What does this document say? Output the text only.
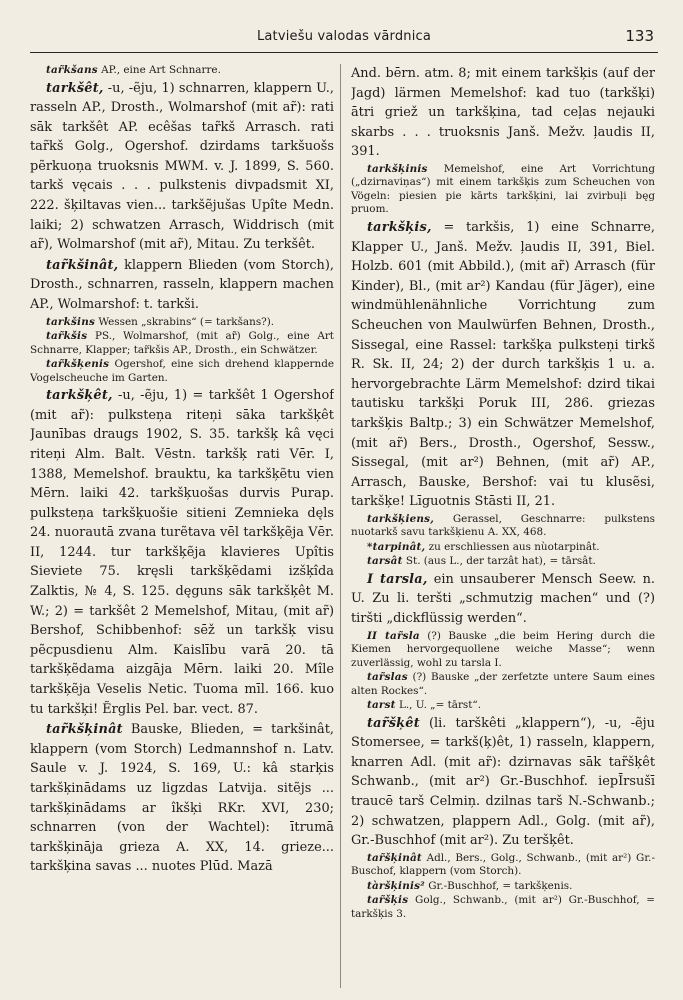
Latviešu valodas vārdnica	133

tar̃kšans AP., eine Art Schnarre.

tarkšêt, -u, -ẽju, 1) schnarren, klappern U., rasseln AP., Drosth., Wolmarshof (mit ar̃): rati sāk tarkšêt AP. ecêšas tar̃kš Arrasch. rati tar̃kš Golg., Ogershof. dzirdams tarkšuošs pẽrkuoņa truoksnis MWM. v. J. 1899, S. 560. tarkš vęcais . . . pulkstenis divpadsmit XI, 222. šķiltavas vien... tarkšẽjušas Upîte Medn. laiki; 2) schwatzen Arrasch, Widdrisch (mit ar̃), Wolmarshof (mit ar̃), Mitau. Zu terkšêt.

tar̃kšinât, klappern Blieden (vom Storch), Drosth., schnarren, rasseln, klappern machen AP., Wolmarshof: t. tarkši.

tarkšins Wessen „skrabins“ (= tarkšans?).

tar̃kšis PS., Wolmarshof, (mit ar̃) Golg., eine Art Schnarre, Klapper; tar̃kšis AP., Drosth., ein Schwätzer.

tar̃kšķenis Ogershof, eine sich drehend klappernde Vogelscheuche im Garten.

tarkšķêt, -u, -ẽju, 1) = tarkšêt 1 Ogershof (mit ar̃): pulksteņa riteņi sāka tarkšķêt Jaunības draugs 1902, S. 35. tarkšķ kâ vęci riteņi Alm. Balt. Vēstn. tarkšķ rati Vēr. I, 1388, Memelshof. brauktu, ka tarkšķẽtu vien Mērn. laiki 42. tarkšķuošas durvis Purap. pulksteņa tarkšķuošie sitieni Zemnieka dęls 24. nuorautā zvana turẽtava vēl tarkšķẽja Vēr. II, 1244. tur tarkšķẽja klavieres Upîtis Sieviete 75. kręsli tarkšķẽdami izšķîda Zalktis, № 4, S. 125. dęguns sāk tarkšķêt M. W.; 2) = tarkšêt 2 Memelshof, Mitau, (mit ar̃) Bershof, Schibbenhof: sēž un tarkšķ visu pẽcpusdienu Alm. Kaislību varā 20. tā tarkšķẽdama aizgāja Mērn. laiki 20. Mîle tarkšķẽja Veselis Netic. Tuoma mīl. 166. kuo tu tarkšķi! Ẽrglis Pel. bar. vect. 87.

tar̃kšķinât Bauske, Blieden, = tarkšinât, klappern (vom Storch) Ledmannshof n. Latv. Saule v. J. 1924, S. 169, U.: kâ starķis tarkšķinādams uz ligzdas Latvija. sitẽjs ... tarkšķinādams ar îkšķi RKr. XVI, 230; schnarren (von der Wachtel): ītrumā tarkšķināja grieza A. XX, 14. grieze... tarkšķina savas ... nuotes Plūd. Mazā

And. bērn. atm. 8; mit einem tarkšķis (auf der Jagd) lärmen Memelshof: kad tuo (tarkšķi) ātri griež un tarkšķina, tad ceļas nejauki skarbs . . . truoksnis Janš. Mežv. ļaudis II, 391.

tarkšķinis Memelshof, eine Art Vorrichtung („dzirnaviņas“) mit einem tarkšķis zum Scheuchen von Vögeln: piesien pie kārts tarkšķini, lai zvirbuļi bęg pruom.

tarkšķis, = tarkšis, 1) eine Schnarre, Klapper U., Janš. Mežv. ļaudis II, 391, Biel. Holzb. 601 (mit Abbild.), (mit ar̃) Arrasch (für Kinder), Bl., (mit ar²) Kandau (für Jäger), eine windmühlenähnliche Vorrichtung zum Scheuchen von Maulwürfen Behnen, Drosth., Sissegal, eine Rassel: tarkšķa pulksteņi tirkš R. Sk. II, 24; 2) der durch tarkšķis 1 u. a. hervorgebrachte Lärm Memelshof: dzird tikai tautisku tarkšķi Poruk III, 286. griezas tarkšķis Baltp.; 3) ein Schwätzer Memelshof, (mit ar̃) Bers., Drosth., Ogershof, Sessw., Sissegal, (mit ar²) Behnen, (mit ar̃) AP., Arrasch, Bauske, Bershof: vai tu klusẽsi, tarkšķe! Līguotnis Stāsti II, 21.

tarkšķiens, Gerassel, Geschnarre: pulkstens nuotarkš savu tarkšķienu A. XX, 468.

*tarpinât, zu erschliessen aus nùotarpinât.

tarsât St. (aus L., der tarzât hat), = tārsât.

I tarsla, ein unsauberer Mensch Seew. n. U. Zu li. teršti „schmutzig machen“ und (?) tiršti „dickflüssig werden“.

II tar̃sla (?) Bauske „die beim Hering durch die Kiemen hervorgequollene weiche Masse“; wenn zuverlässig, wohl zu tarsla I.

tar̃slas (?) Bauske „der zerfetzte untere Saum eines alten Rockes“.

tarst L., U. „= tārst“.

tar̃šķêt (li. tarškêti „klappern“), -u, -ẽju Stomersee, = tarkš(ķ)êt, 1) rasseln, klappern, knarren Adl. (mit ar̃): dzirnavas sāk tar̃šķêt Schwanb., (mit ar²) Gr.-Buschhof. iepĪrsušī traucē tarš Celmiņ. dzilnas tarš N.-Schwanb.; 2) schwatzen, plappern Adl., Golg. (mit ar̃), Gr.-Buschhof (mit ar²). Zu teršķêt.

tar̃šķinât Adl., Bers., Golg., Schwanb., (mit ar²) Gr.-Buschof, klappern (vom Storch).

tàršķinis² Gr.-Buschhof, = tarkšķenis.

tar̃šķis Golg., Schwanb., (mit ar²) Gr.-Buschhof, = tarkšķis 3.
